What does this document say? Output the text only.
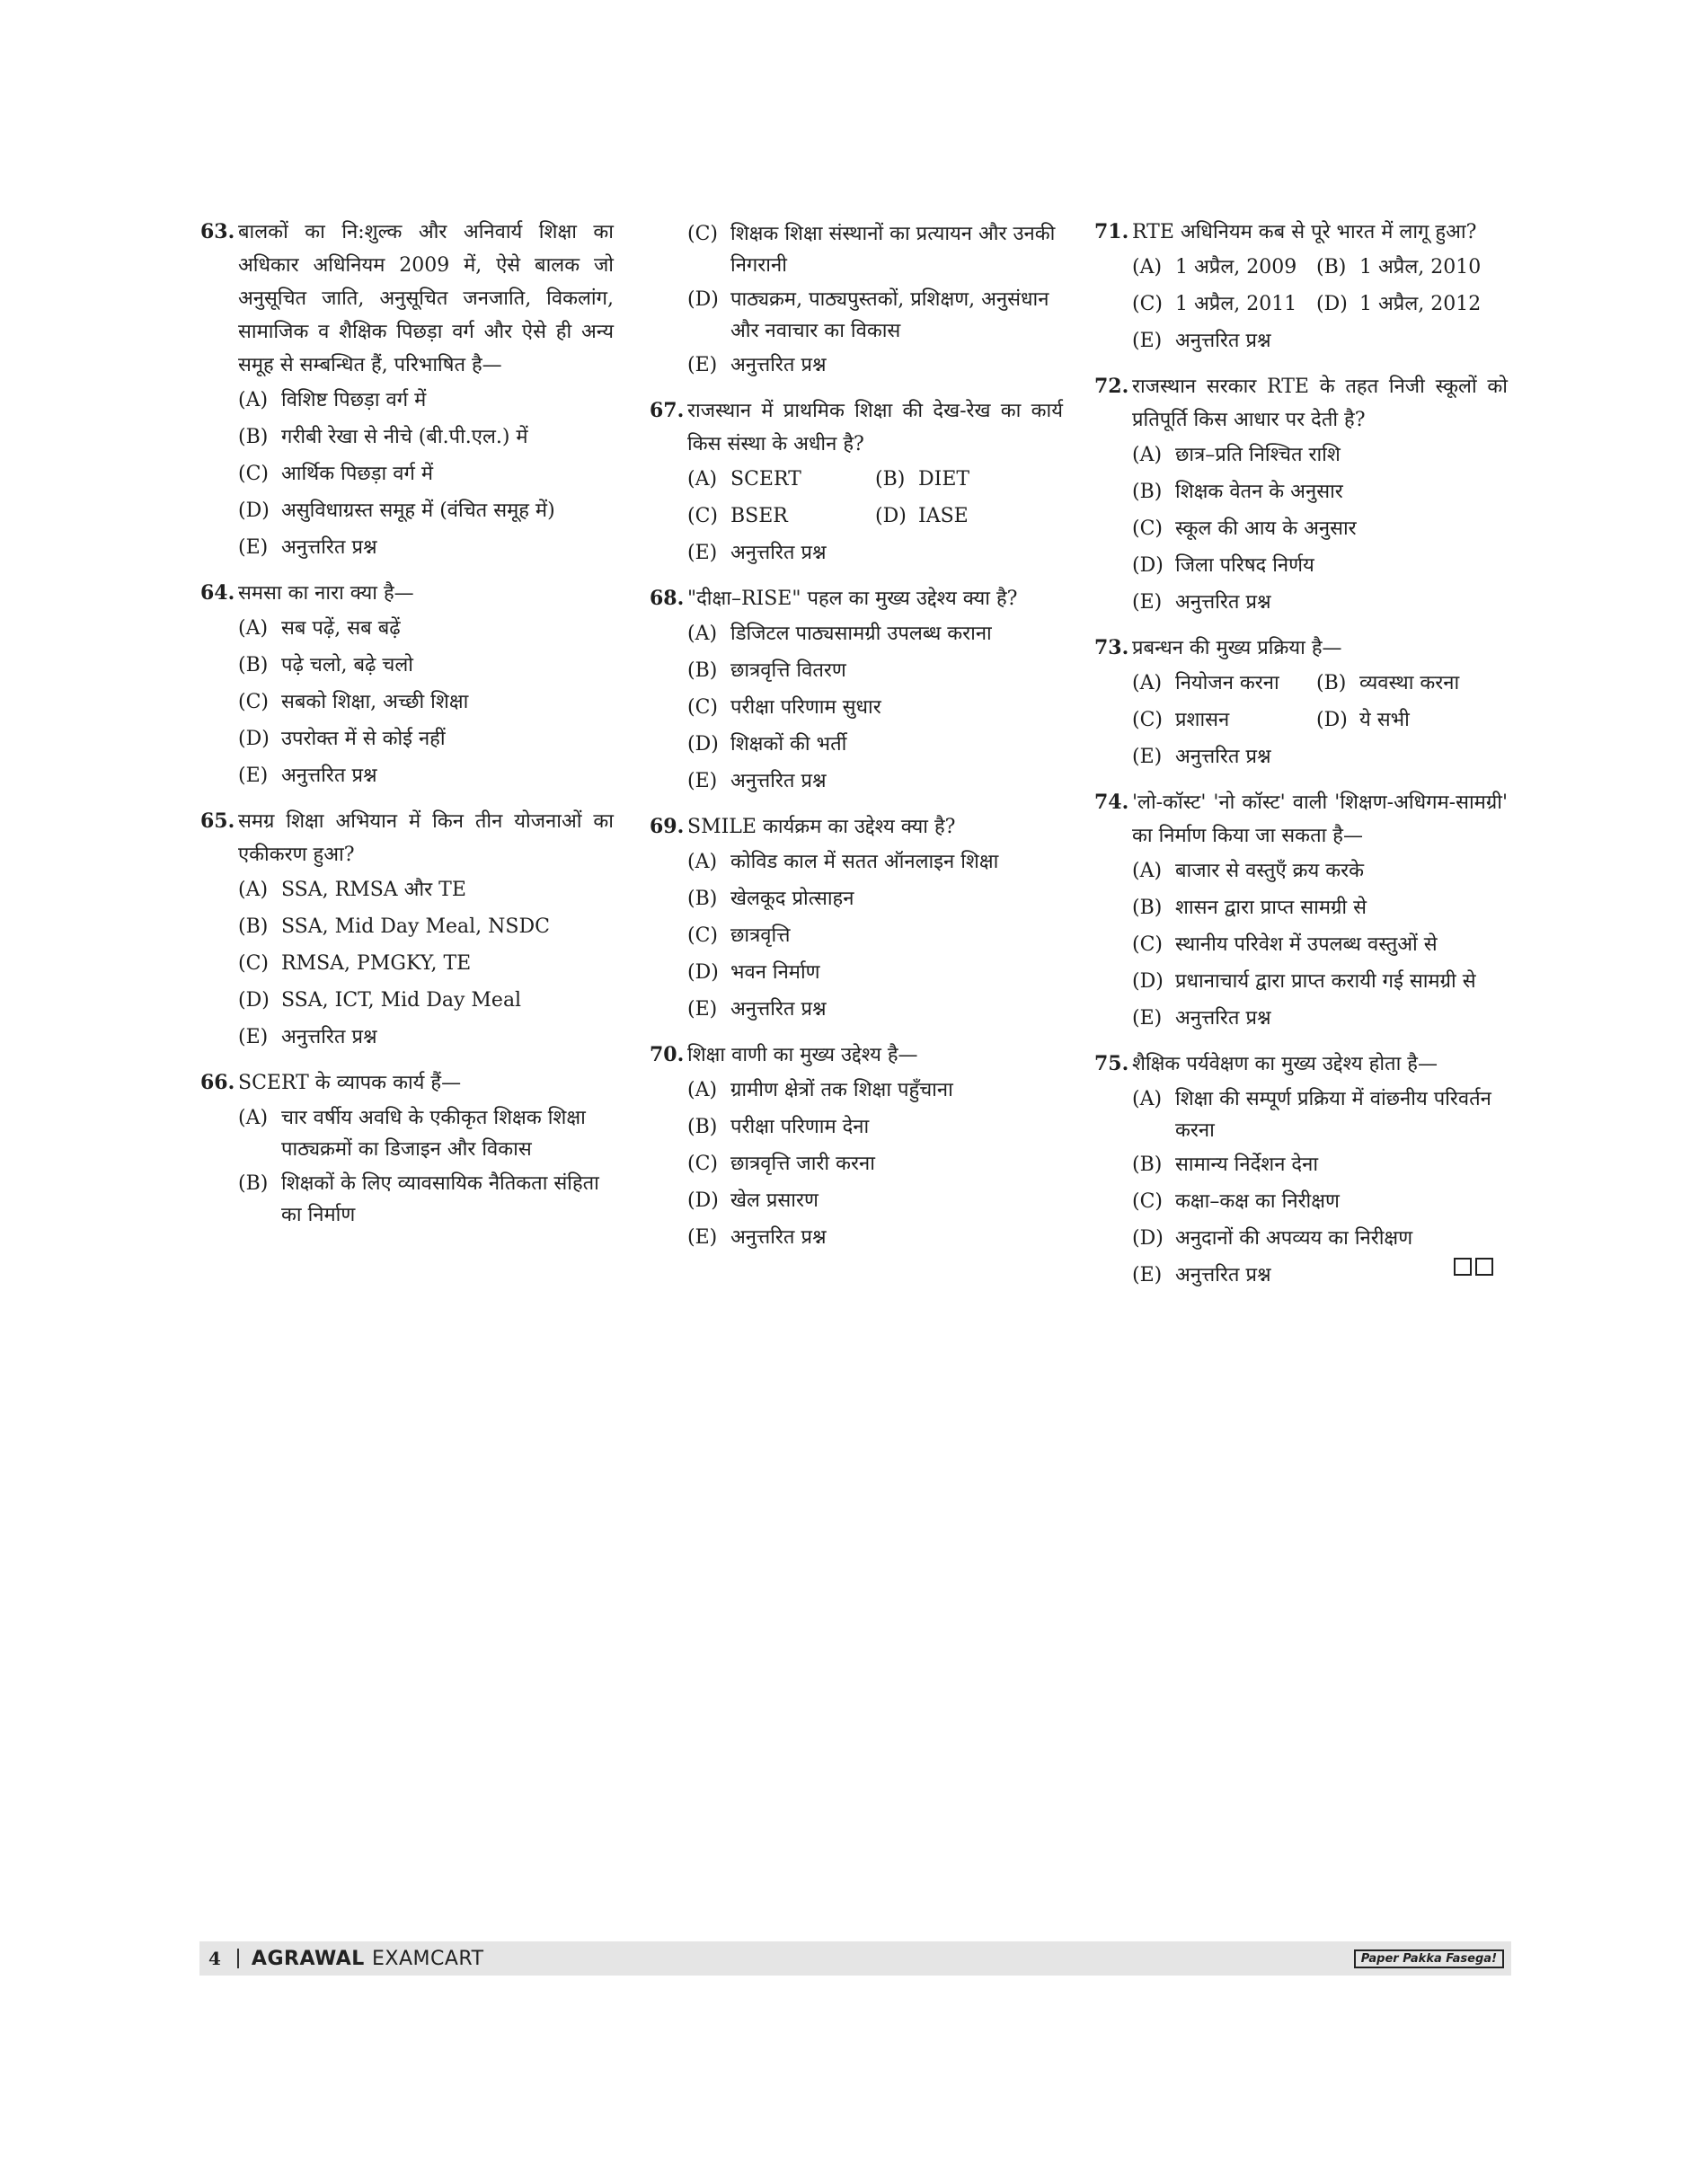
63. बालकों का नि:शुल्क और अनिवार्य शिक्षा का अधिकार अधिनियम 2009 में, ऐसे बालक जो अनुसूचित जाति, अनुसूचित जनजाति, विकलांग, सामाजिक व शैक्षिक पिछड़ा वर्ग और ऐसे ही अन्य समूह से सम्बन्धित हैं, परिभाषित है—
(A) विशिष्ट पिछड़ा वर्ग में
(B) गरीबी रेखा से नीचे (बी.पी.एल.) में
(C) आर्थिक पिछड़ा वर्ग में
(D) असुविधाग्रस्त समूह में (वंचित समूह में)
(E) अनुत्तरित प्रश्न
64. समसा का नारा क्या है—
(A) सब पढ़ें, सब बढ़ें
(B) पढ़े चलो, बढ़े चलो
(C) सबको शिक्षा, अच्छी शिक्षा
(D) उपरोक्त में से कोई नहीं
(E) अनुत्तरित प्रश्न
65. समग्र शिक्षा अभियान में किन तीन योजनाओं का एकीकरण हुआ?
(A) SSA, RMSA और TE
(B) SSA, Mid Day Meal, NSDC
(C) RMSA, PMGKY, TE
(D) SSA, ICT, Mid Day Meal
(E) अनुत्तरित प्रश्न
66. SCERT के व्यापक कार्य हैं—
(A) चार वर्षीय अवधि के एकीकृत शिक्षक शिक्षा पाठ्यक्रमों का डिजाइन और विकास
(B) शिक्षकों के लिए व्यावसायिक नैतिकता संहिता का निर्माण
(C) शिक्षक शिक्षा संस्थानों का प्रत्यायन और उनकी निगरानी
(D) पाठ्यक्रम, पाठ्यपुस्तकों, प्रशिक्षण, अनुसंधान और नवाचार का विकास
(E) अनुत्तरित प्रश्न
67. राजस्थान में प्राथमिक शिक्षा की देख-रेख का कार्य किस संस्था के अधीन है?
(A) SCERT	(B) DIET
(C) BSER	(D) IASE
(E) अनुत्तरित प्रश्न
68. "दीक्षा–RISE" पहल का मुख्य उद्देश्य क्या है?
(A) डिजिटल पाठ्यसामग्री उपलब्ध कराना
(B) छात्रवृत्ति वितरण
(C) परीक्षा परिणाम सुधार
(D) शिक्षकों की भर्ती
(E) अनुत्तरित प्रश्न
69. SMILE कार्यक्रम का उद्देश्य क्या है?
(A) कोविड काल में सतत ऑनलाइन शिक्षा
(B) खेलकूद प्रोत्साहन
(C) छात्रवृत्ति
(D) भवन निर्माण
(E) अनुत्तरित प्रश्न
70. शिक्षा वाणी का मुख्य उद्देश्य है—
(A) ग्रामीण क्षेत्रों तक शिक्षा पहुँचाना
(B) परीक्षा परिणाम देना
(C) छात्रवृत्ति जारी करना
(D) खेल प्रसारण
(E) अनुत्तरित प्रश्न
71. RTE अधिनियम कब से पूरे भारत में लागू हुआ?
(A) 1 अप्रैल, 2009 (B) 1 अप्रैल, 2010
(C) 1 अप्रैल, 2011 (D) 1 अप्रैल, 2012
(E) अनुत्तरित प्रश्न
72. राजस्थान सरकार RTE के तहत निजी स्कूलों को प्रतिपूर्ति किस आधार पर देती है?
(A) छात्र–प्रति निश्चित राशि
(B) शिक्षक वेतन के अनुसार
(C) स्कूल की आय के अनुसार
(D) जिला परिषद निर्णय
(E) अनुत्तरित प्रश्न
73. प्रबन्धन की मुख्य प्रक्रिया है—
(A) नियोजन करना	(B) व्यवस्था करना
(C) प्रशासन	(D) ये सभी
(E) अनुत्तरित प्रश्न
74. 'लो-कॉस्ट' 'नो कॉस्ट' वाली 'शिक्षण-अधिगम-सामग्री' का निर्माण किया जा सकता है—
(A) बाजार से वस्तुएँ क्रय करके
(B) शासन द्वारा प्राप्त सामग्री से
(C) स्थानीय परिवेश में उपलब्ध वस्तुओं से
(D) प्रधानाचार्य द्वारा प्राप्त करायी गई सामग्री से
(E) अनुत्तरित प्रश्न
75. शैक्षिक पर्यवेक्षण का मुख्य उद्देश्य होता है—
(A) शिक्षा की सम्पूर्ण प्रक्रिया में वांछनीय परिवर्तन करना
(B) सामान्य निर्देशन देना
(C) कक्षा–कक्ष का निरीक्षण
(D) अनुदानों की अपव्यय का निरीक्षण
(E) अनुत्तरित प्रश्न
4 AGRAWAL EXAMCART	Paper Pakka Fasega!
